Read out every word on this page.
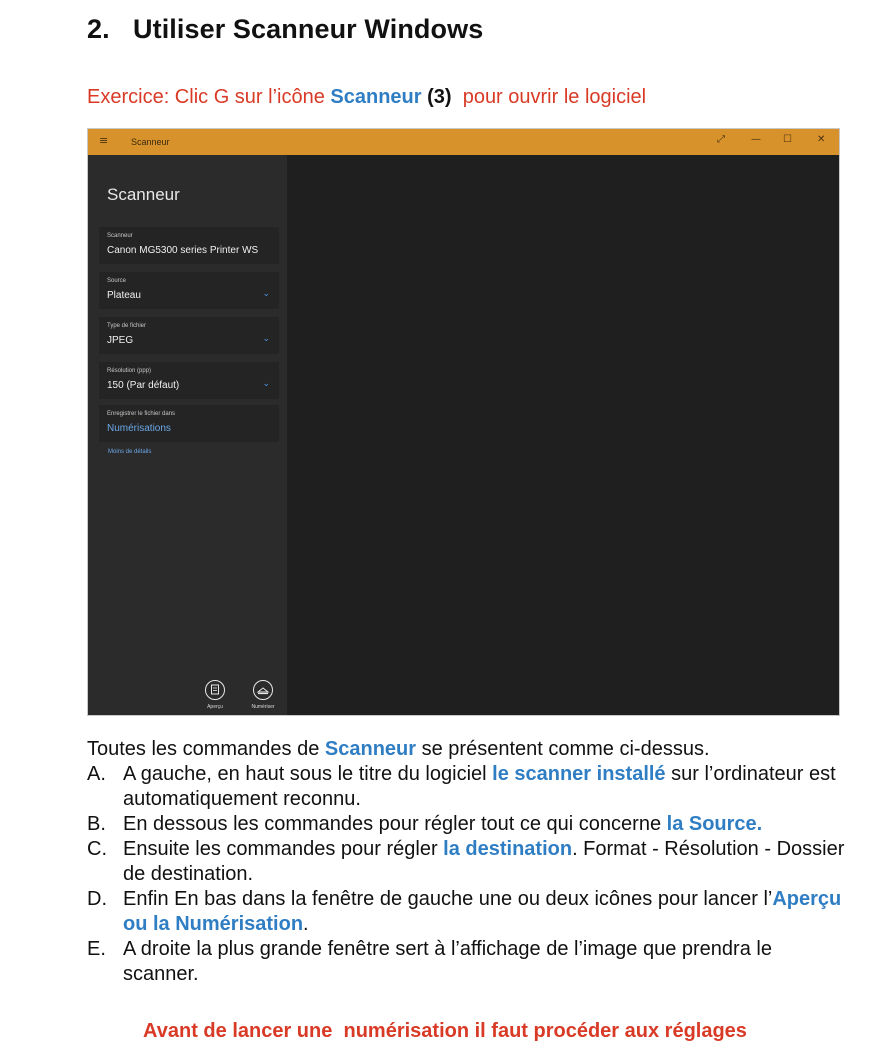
2. Utiliser Scanneur Windows
Exercice: Clic G sur l’icône Scanneur (3)  pour ouvrir le logiciel
≡	Scanneur	⤢	— ☐	✕
Scanneur
Scanneur
Canon MG5300 series Printer WS
Source
Plateau	⌄
Type de fichier
JPEG	⌄
Résolution (ppp)
150 (Par défaut)	⌄
Enregistrer le fichier dans
Numérisations
Moins de détails
Aperçu	Numériser

Toutes les commandes de Scanneur se présentent comme ci-dessus.

A. A gauche, en haut sous le titre du logiciel le scanner installé sur l’ordinateur est automatiquement reconnu.

B. En dessous les commandes pour régler tout ce qui concerne la Source.

C. Ensuite les commandes pour régler la destination. Format - Résolution - Dossier de destination.

D. Enfin En bas dans la fenêtre de gauche une ou deux icônes pour lancer l’Aperçu ou la Numérisation.

E. A droite la plus grande fenêtre sert à l’affichage de l’image que prendra le scanner.

Avant de lancer une  numérisation il faut procéder aux réglages
